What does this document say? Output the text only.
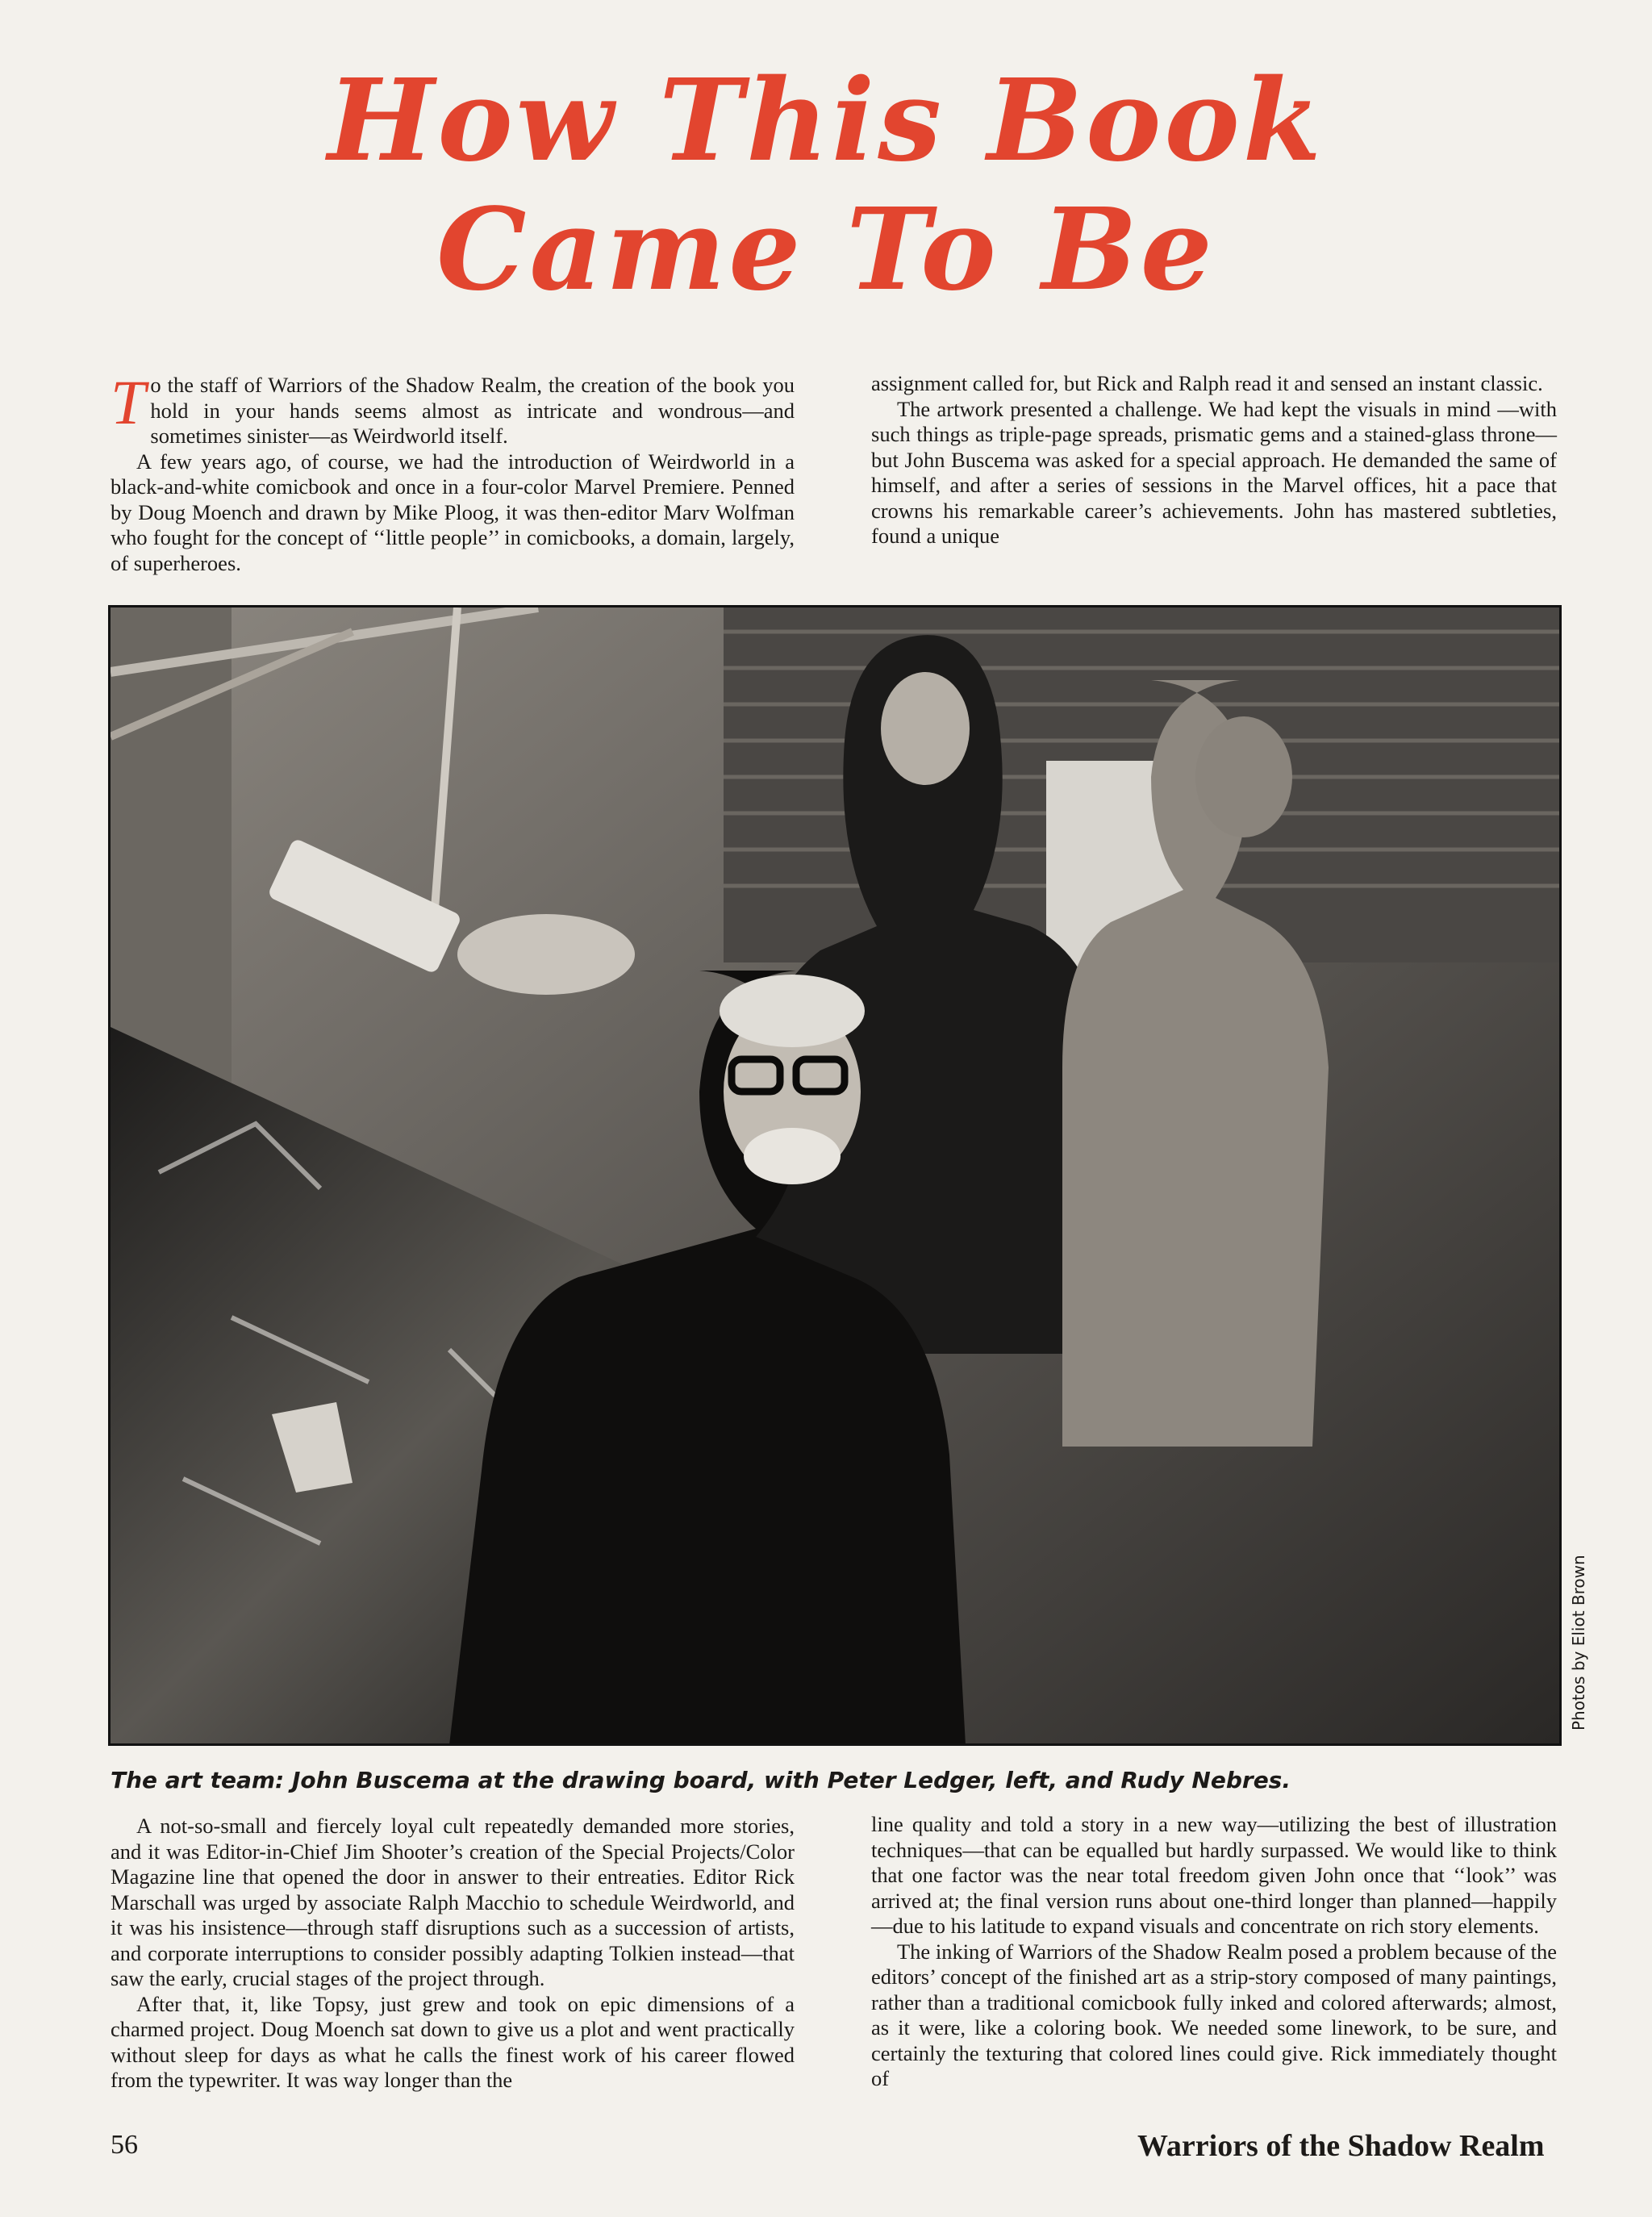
How This Book
Came To Be

To the staff of Warriors of the Shadow Realm, the creation of the book you hold in your hands seems almost as intricate and wondrous—and sometimes sinister—as Weirdworld itself.

A few years ago, of course, we had the introduction of Weirdworld in a black-and-white comicbook and once in a four-color Marvel Premiere. Penned by Doug Moench and drawn by Mike Ploog, it was then-editor Marv Wolfman who fought for the concept of ‘‘little people’’ in comicbooks, a domain, largely, of superheroes.

assignment called for, but Rick and Ralph read it and sensed an instant classic.

The artwork presented a challenge. We had kept the visuals in mind —with such things as triple-page spreads, prismatic gems and a stained-glass throne—but John Buscema was asked for a special approach. He demanded the same of himself, and after a series of sessions in the Marvel offices, hit a pace that crowns his remarkable career’s achievements. John has mastered subtleties, found a unique

The art team: John Buscema at the drawing board, with Peter Ledger, left, and Rudy Nebres.
Photos by Eliot Brown

A not-so-small and fiercely loyal cult repeatedly demanded more stories, and it was Editor-in-Chief Jim Shooter’s creation of the Special Projects/Color Magazine line that opened the door in answer to their entreaties. Editor Rick Marschall was urged by associate Ralph Macchio to schedule Weirdworld, and it was his insistence—through staff disruptions such as a succession of artists, and corporate interruptions to consider possibly adapting Tolkien instead—that saw the early, crucial stages of the project through.

After that, it, like Topsy, just grew and took on epic dimensions of a charmed project. Doug Moench sat down to give us a plot and went practically without sleep for days as what he calls the finest work of his career flowed from the typewriter. It was way longer than the

line quality and told a story in a new way—utilizing the best of illustration techniques—that can be equalled but hardly surpassed. We would like to think that one factor was the near total freedom given John once that ‘‘look’’ was arrived at; the final version runs about one-third longer than planned—happily—due to his latitude to expand visuals and concentrate on rich story elements.

The inking of Warriors of the Shadow Realm posed a problem because of the editors’ concept of the finished art as a strip-story composed of many paintings, rather than a traditional comicbook fully inked and colored afterwards; almost, as it were, like a coloring book. We needed some linework, to be sure, and certainly the texturing that colored lines could give. Rick immediately thought of

56	Warriors of the Shadow Realm
